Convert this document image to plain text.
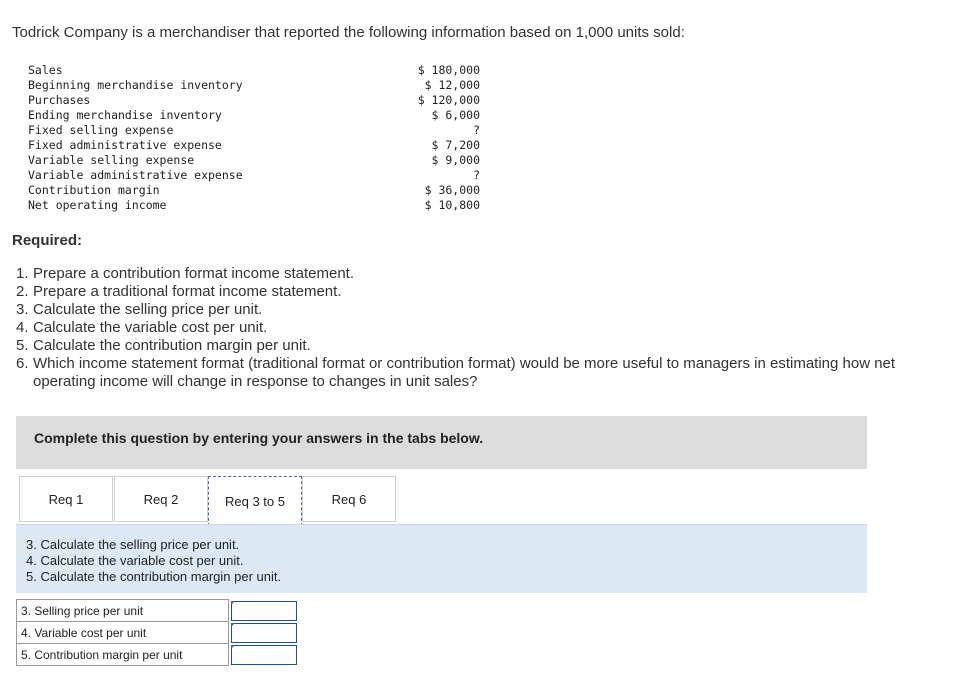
Todrick Company is a merchandiser that reported the following information based on 1,000 units sold:
Sales	$ 180,000
Beginning merchandise inventory	$ 12,000
Purchases	$ 120,000
Ending merchandise inventory	$ 6,000
Fixed selling expense	?
Fixed administrative expense	$ 7,200
Variable selling expense	$ 9,000
Variable administrative expense	?
Contribution margin	$ 36,000
Net operating income	$ 10,800
Required:
1. Prepare a contribution format income statement.
2. Prepare a traditional format income statement.
3. Calculate the selling price per unit.
4. Calculate the variable cost per unit.
5. Calculate the contribution margin per unit.
6. Which income statement format (traditional format or contribution format) would be more useful to managers in estimating how net operating income will change in response to changes in unit sales?
Complete this question by entering your answers in the tabs below.
Req 1	Req 2	Req 3 to 5	Req 6
3. Calculate the selling price per unit.
4. Calculate the variable cost per unit.
5. Calculate the contribution margin per unit.
3. Selling price per unit	

4. Variable cost per unit	

5. Contribution margin per unit	
